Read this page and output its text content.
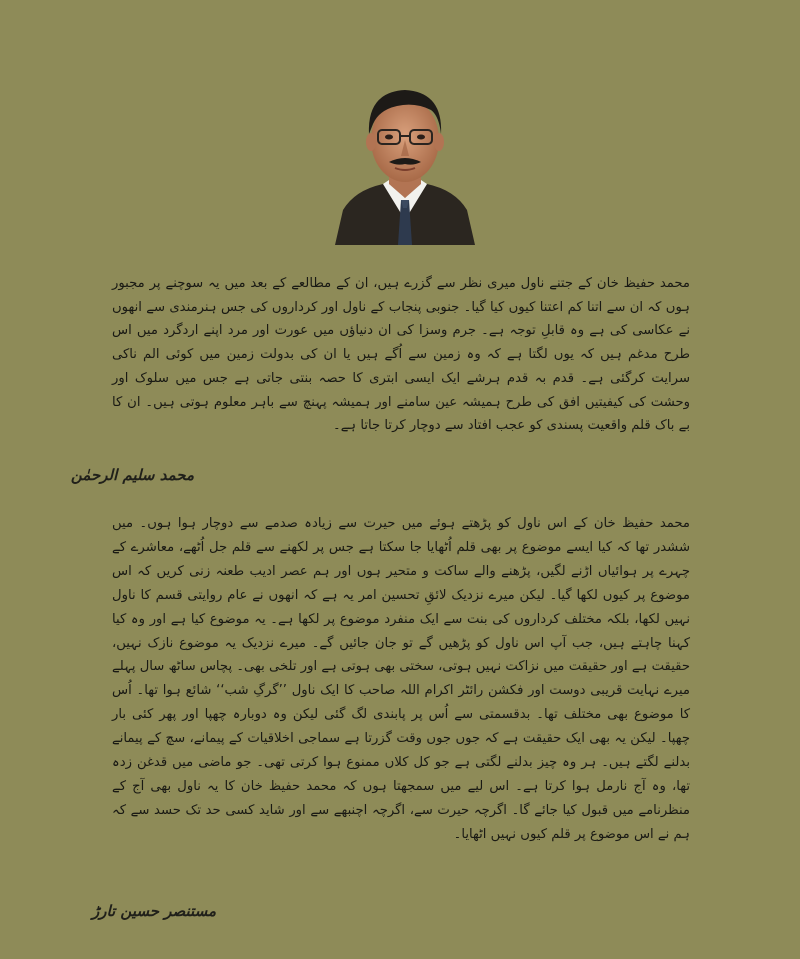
محمد حفیظ خان کے جتنے ناول میری نظر سے گزرے ہیں، ان کے مطالعے کے بعد میں یہ سوچنے پر مجبور ہوں کہ ان سے اتنا کم اعتنا کیوں کیا گیا۔ جنوبی پنجاب کے ناول اور کرداروں کی جس ہنرمندی سے انھوں نے عکاسی کی ہے وہ قابلِ توجہ ہے۔ جرم وسزا کی ان دنیاؤں میں عورت اور مرد اپنے اردگرد میں اس طرح مدغم ہیں کہ یوں لگتا ہے کہ وہ زمین سے اُگے ہیں یا ان کی بدولت زمین میں کوئی الم ناکی سرایت کرگئی ہے۔ قدم بہ قدم ہرشے ایک ایسی ابتری کا حصہ بنتی جاتی ہے جس میں سلوک اور وحشت کی کیفیتیں افق کی طرح ہمیشہ عین سامنے اور ہمیشہ پہنچ سے باہر معلوم ہوتی ہیں۔ ان کا بے باک قلم واقعیت پسندی کو عجب افتاد سے دوچار کرتا جاتا ہے۔

محمد سلیم الرحمٰن

محمد حفیظ خان کے اس ناول کو پڑھتے ہوئے میں حیرت سے زیادہ صدمے سے دوچار ہوا ہوں۔ میں ششدر تھا کہ کیا ایسے موضوع پر بھی قلم اُٹھایا جا سکتا ہے جس پر لکھنے سے قلم جل اُٹھے، معاشرے کے چہرے پر ہوائیاں اڑنے لگیں، پڑھنے والے ساکت و متحیر ہوں اور ہم عصر ادیب طعنہ زنی کریں کہ اس موضوع پر کیوں لکھا گیا۔ لیکن میرے نزدیک لائقِ تحسین امر یہ ہے کہ انھوں نے عام روایتی قسم کا ناول نہیں لکھا، بلکہ مختلف کرداروں کی بنت سے ایک منفرد موضوع پر لکھا ہے۔ یہ موضوع کیا ہے اور وہ کیا کہنا چاہتے ہیں، جب آپ اس ناول کو پڑھیں گے تو جان جائیں گے۔ میرے نزدیک یہ موضوع نازک نہیں، حقیقت ہے اور حقیقت میں نزاکت نہیں ہوتی، سختی بھی ہوتی ہے اور تلخی بھی۔ پچاس ساٹھ سال پہلے میرے نہایت قریبی دوست اور فکشن رائٹر اکرام اللہ صاحب کا ایک ناول ’’گرگِ شب‘‘ شائع ہوا تھا۔ اُس کا موضوع بھی مختلف تھا۔ بدقسمتی سے اُس پر پابندی لگ گئی لیکن وہ دوبارہ چھپا اور پھر کئی بار چھپا۔ لیکن یہ بھی ایک حقیقت ہے کہ جوں جوں وقت گزرتا ہے سماجی اخلاقیات کے پیمانے، سچ کے پیمانے بدلنے لگتے ہیں۔ ہر وہ چیز بدلنے لگتی ہے جو کل کلاں ممنوع ہوا کرتی تھی۔ جو ماضی میں قدغن زدہ تھا، وہ آج نارمل ہوا کرتا ہے۔ اس لیے میں سمجھتا ہوں کہ محمد حفیظ خان کا یہ ناول بھی آج کے منظرنامے میں قبول کیا جائے گا۔ اگرچہ حیرت سے، اگرچہ اچنبھے سے اور شاید کسی حد تک حسد سے کہ ہم نے اس موضوع پر قلم کیوں نہیں اٹھایا۔

مستنصر حسین تارڑ
